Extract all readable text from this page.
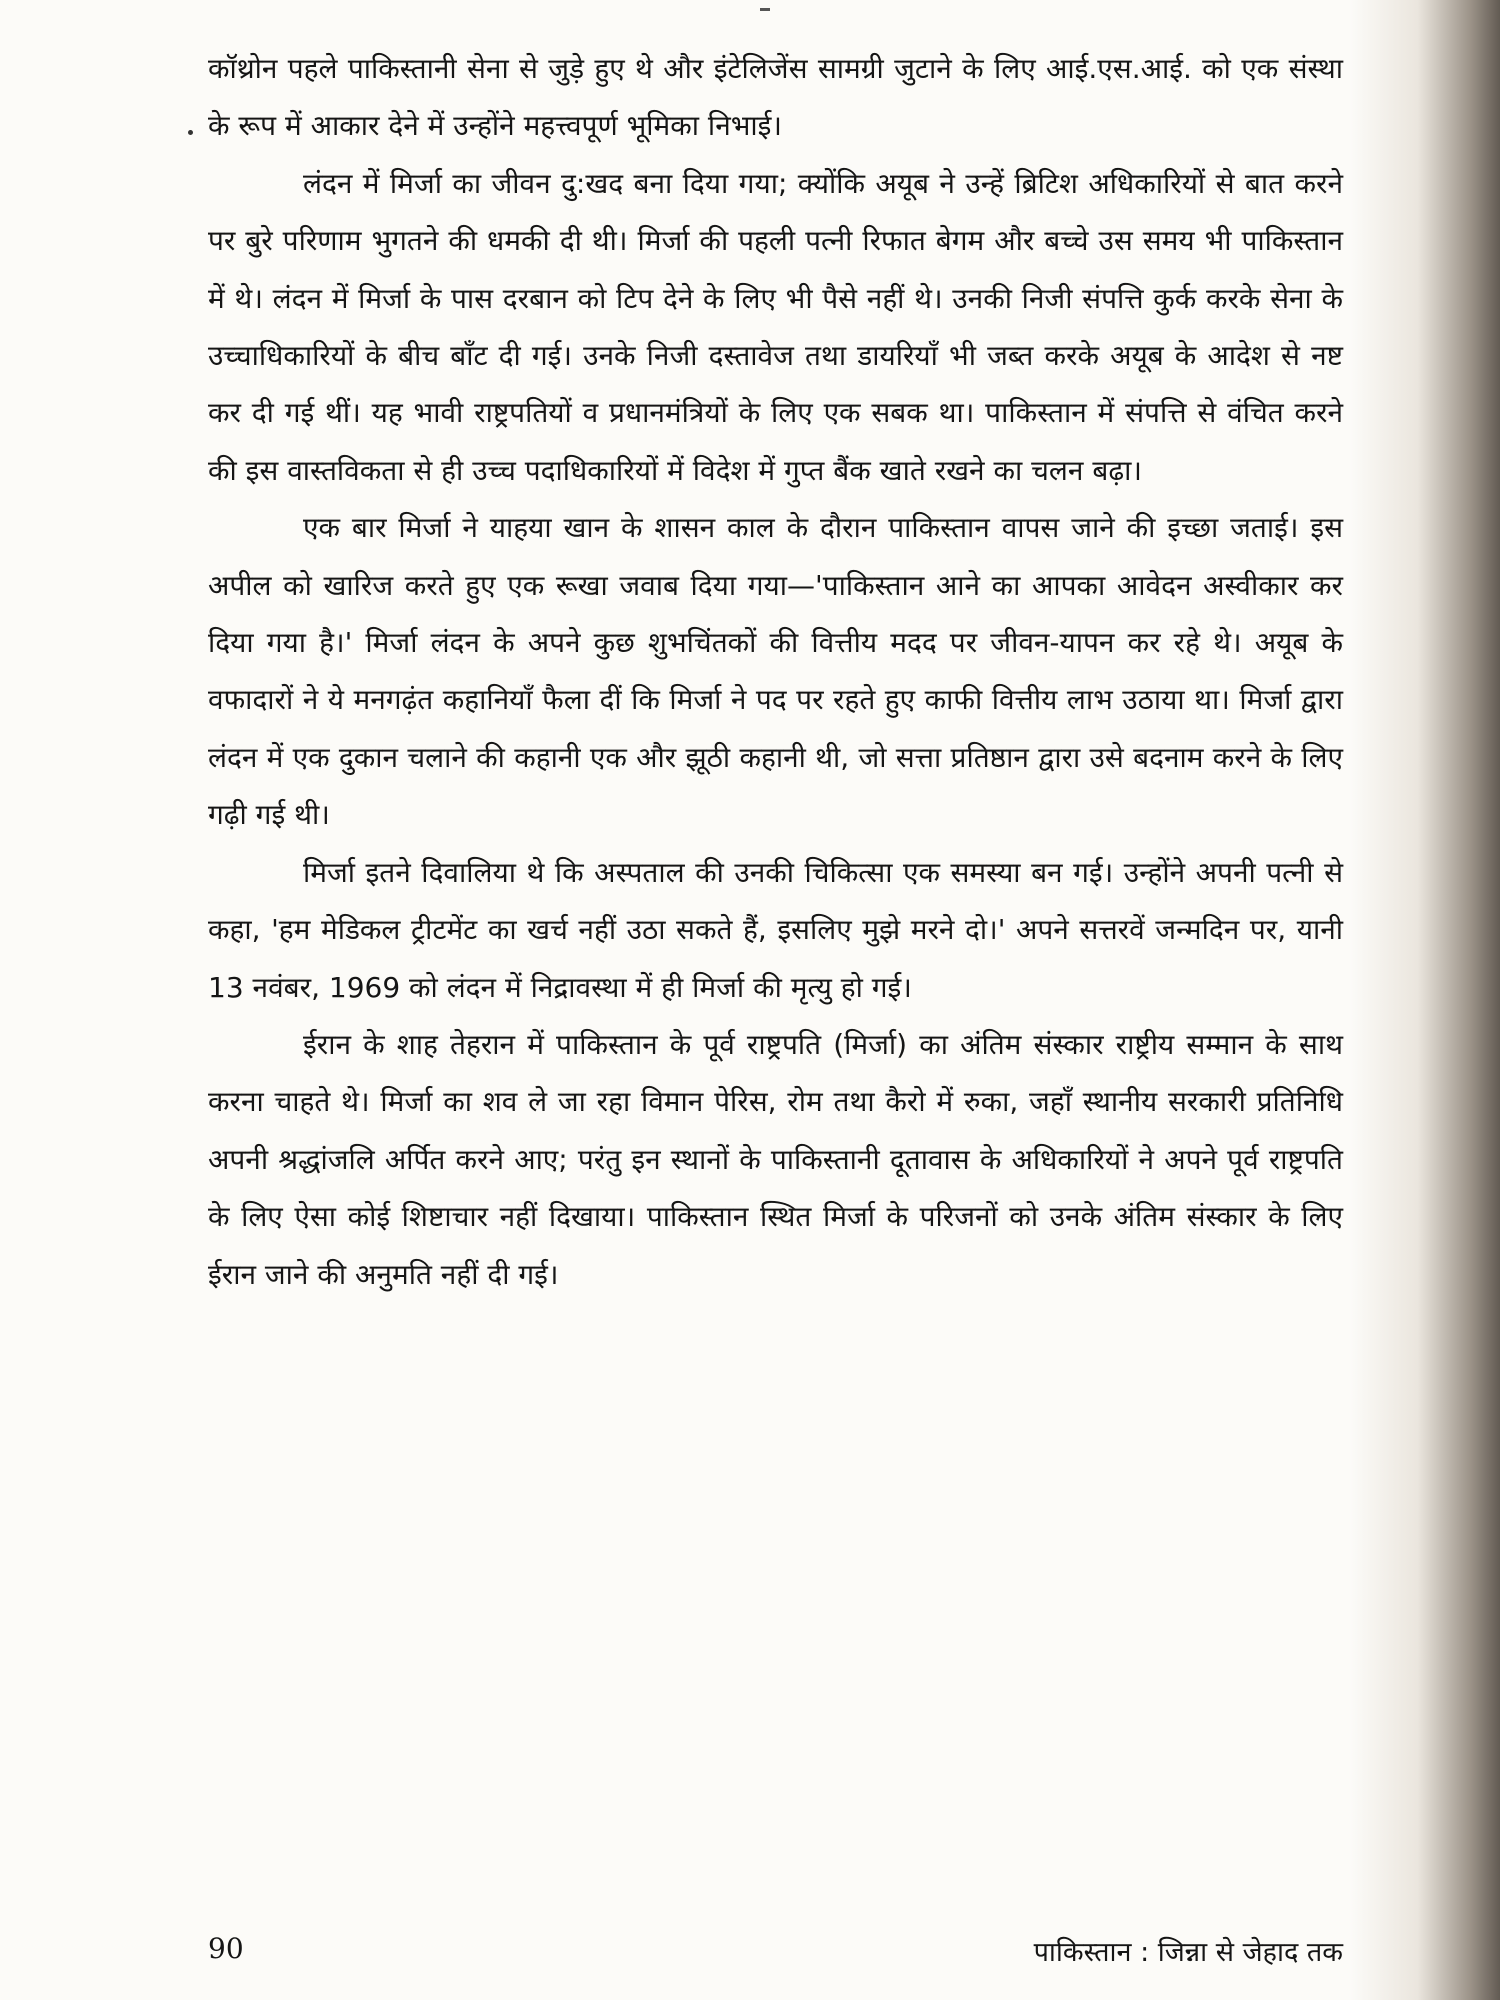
कॉथ्रोन पहले पाकिस्तानी सेना से जुड़े हुए थे और इंटेलिजेंस सामग्री जुटाने के लिए आई.एस.आई. को एक संस्था के रूप में आकार देने में उन्होंने महत्त्वपूर्ण भूमिका निभाई।

लंदन में मिर्जा का जीवन दु:खद बना दिया गया; क्योंकि अयूब ने उन्हें ब्रिटिश अधिकारियों से बात करने पर बुरे परिणाम भुगतने की धमकी दी थी। मिर्जा की पहली पत्नी रिफात बेगम और बच्चे उस समय भी पाकिस्तान में थे। लंदन में मिर्जा के पास दरबान को टिप देने के लिए भी पैसे नहीं थे। उनकी निजी संपत्ति कुर्क करके सेना के उच्चाधिकारियों के बीच बाँट दी गई। उनके निजी दस्तावेज तथा डायरियाँ भी जब्त करके अयूब के आदेश से नष्ट कर दी गई थीं। यह भावी राष्ट्रपतियों व प्रधानमंत्रियों के लिए एक सबक था। पाकिस्तान में संपत्ति से वंचित करने की इस वास्तविकता से ही उच्च पदाधिकारियों में विदेश में गुप्त बैंक खाते रखने का चलन बढ़ा।

एक बार मिर्जा ने याहया खान के शासन काल के दौरान पाकिस्तान वापस जाने की इच्छा जताई। इस अपील को खारिज करते हुए एक रूखा जवाब दिया गया—'पाकिस्तान आने का आपका आवेदन अस्वीकार कर दिया गया है।' मिर्जा लंदन के अपने कुछ शुभचिंतकों की वित्तीय मदद पर जीवन-यापन कर रहे थे। अयूब के वफादारों ने ये मनगढ़ंत कहानियाँ फैला दीं कि मिर्जा ने पद पर रहते हुए काफी वित्तीय लाभ उठाया था। मिर्जा द्वारा लंदन में एक दुकान चलाने की कहानी एक और झूठी कहानी थी, जो सत्ता प्रतिष्ठान द्वारा उसे बदनाम करने के लिए गढ़ी गई थी।

मिर्जा इतने दिवालिया थे कि अस्पताल की उनकी चिकित्सा एक समस्या बन गई। उन्होंने अपनी पत्नी से कहा, 'हम मेडिकल ट्रीटमेंट का खर्च नहीं उठा सकते हैं, इसलिए मुझे मरने दो।' अपने सत्तरवें जन्मदिन पर, यानी 13 नवंबर, 1969 को लंदन में निद्रावस्था में ही मिर्जा की मृत्यु हो गई।

ईरान के शाह तेहरान में पाकिस्तान के पूर्व राष्ट्रपति (मिर्जा) का अंतिम संस्कार राष्ट्रीय सम्मान के साथ करना चाहते थे। मिर्जा का शव ले जा रहा विमान पेरिस, रोम तथा कैरो में रुका, जहाँ स्थानीय सरकारी प्रतिनिधि अपनी श्रद्धांजलि अर्पित करने आए; परंतु इन स्थानों के पाकिस्तानी दूतावास के अधिकारियों ने अपने पूर्व राष्ट्रपति के लिए ऐसा कोई शिष्टाचार नहीं दिखाया। पाकिस्तान स्थित मिर्जा के परिजनों को उनके अंतिम संस्कार के लिए ईरान जाने की अनुमति नहीं दी गई।

90	पाकिस्तान : जिन्ना से जेहाद तक
